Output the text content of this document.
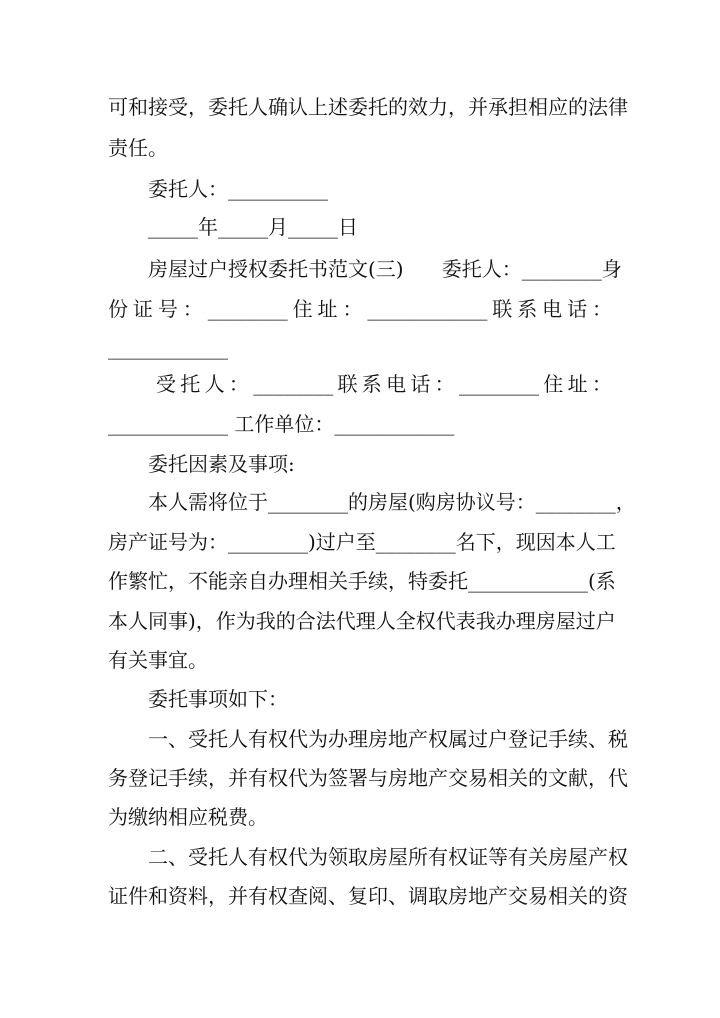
可和接受，委托人确认上述委托的效力，并承担相应的法律
责任。
委托人：__________
_____年_____月_____日
房屋过户授权委托书范文(三)      委托人：________身
份 证 号 ： ________ 住 址 ： ____________ 联 系 电 话 ：
____________
受 托 人 ： ________ 联 系 电 话 ： ________ 住 址 ：
____________ 工作单位：____________
委托因素及事项:
本人需将位于________的房屋(购房协议号：________，
房产证号为：________)过户至________名下，现因本人工
作繁忙，不能亲自办理相关手续，特委托____________(系
本人同事)，作为我的合法代理人全权代表我办理房屋过户
有关事宜。
委托事项如下：
一、受托人有权代为办理房地产权属过户登记手续、税
务登记手续，并有权代为签署与房地产交易相关的文献，代
为缴纳相应税费。
二、受托人有权代为领取房屋所有权证等有关房屋产权
证件和资料，并有权查阅、复印、调取房地产交易相关的资
